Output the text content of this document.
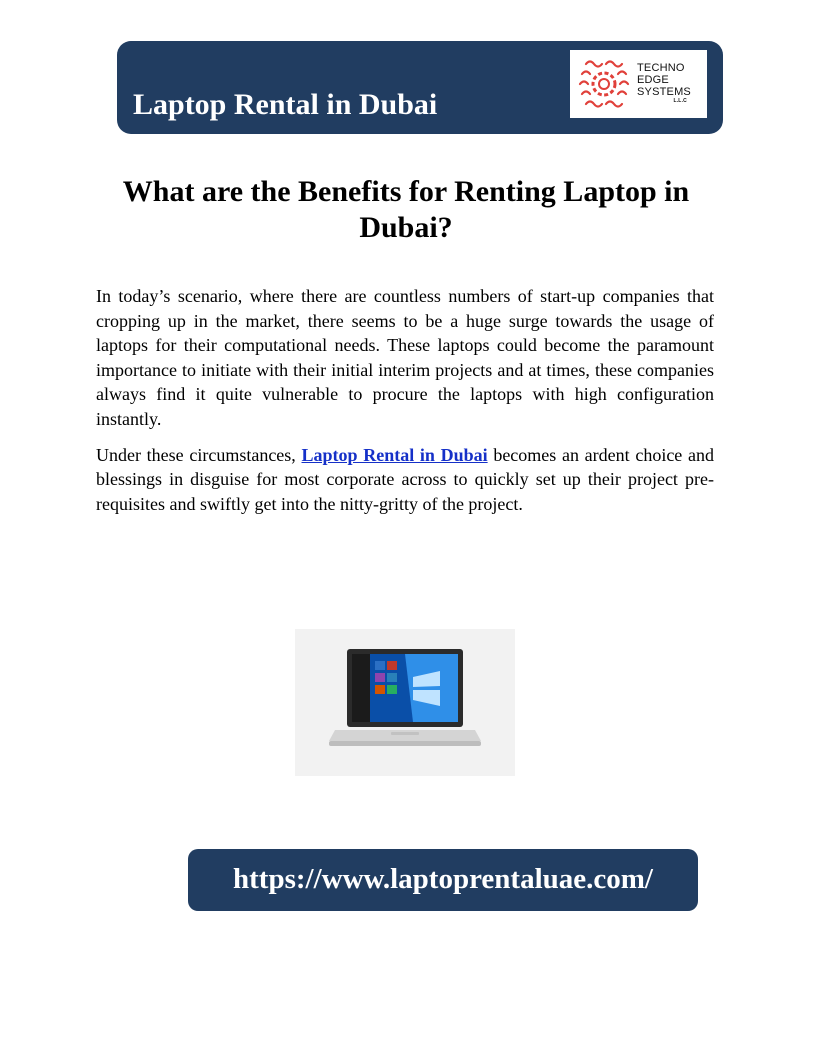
Laptop Rental in Dubai
TECHNO
EDGE
SYSTEMS
L.L.C
What are the Benefits for Renting Laptop in Dubai?

In today’s scenario, where there are countless numbers of start-up companies that cropping up in the market, there seems to be a huge surge towards the usage of laptops for their computational needs. These laptops could become the paramount importance to initiate with their initial interim projects and at times, these companies always find it quite vulnerable to procure the laptops with high configuration instantly.

Under these circumstances, Laptop Rental in Dubai becomes an ardent choice and blessings in disguise for most corporate across to quickly set up their project pre-requisites and swiftly get into the nitty-gritty of the project.

https://www.laptoprentaluae.com/
